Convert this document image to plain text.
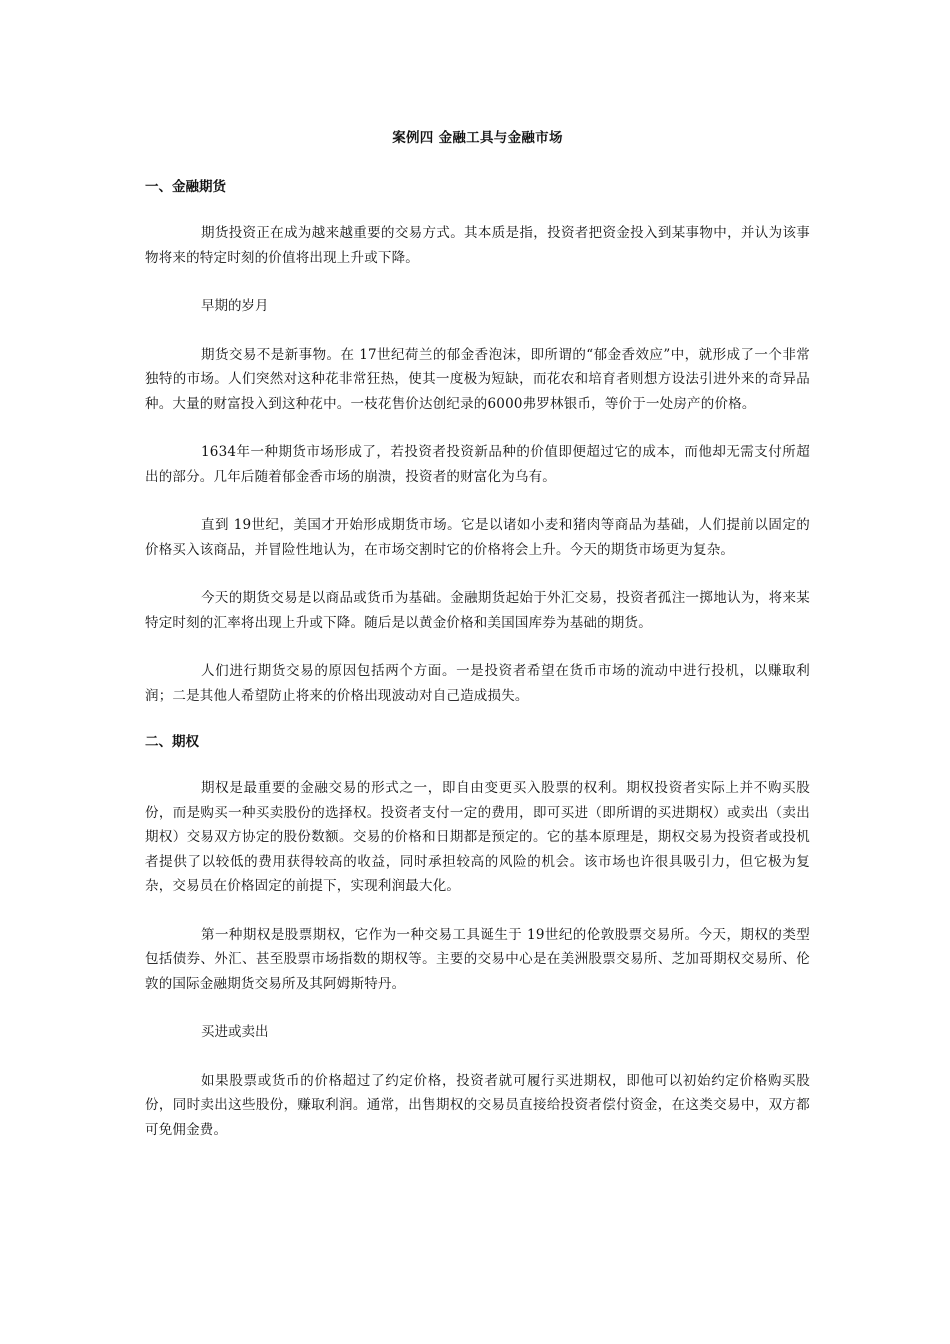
案例四 金融工具与金融市场
一、金融期货

期货投资正在成为越来越重要的交易方式。其本质是指，投资者把资金投入到某事物中，并认为该事物将来的特定时刻的价值将出现上升或下降。

早期的岁月

期货交易不是新事物。在 17世纪荷兰的郁金香泡沫，即所谓的“郁金香效应”中，就形成了一个非常独特的市场。人们突然对这种花非常狂热，使其一度极为短缺，而花农和培育者则想方设法引进外来的奇异品种。大量的财富投入到这种花中。一枝花售价达创纪录的6000弗罗林银币，等价于一处房产的价格。

1634年一种期货市场形成了，若投资者投资新品种的价值即便超过它的成本，而他却无需支付所超出的部分。几年后随着郁金香市场的崩溃，投资者的财富化为乌有。

直到 19世纪，美国才开始形成期货市场。它是以诸如小麦和猪肉等商品为基础，人们提前以固定的价格买入该商品，并冒险性地认为，在市场交割时它的价格将会上升。今天的期货市场更为复杂。

今天的期货交易是以商品或货币为基础。金融期货起始于外汇交易，投资者孤注一掷地认为，将来某特定时刻的汇率将出现上升或下降。随后是以黄金价格和美国国库券为基础的期货。

人们进行期货交易的原因包括两个方面。一是投资者希望在货币市场的流动中进行投机，以赚取利润；二是其他人希望防止将来的价格出现波动对自己造成损失。

二、期权

期权是最重要的金融交易的形式之一，即自由变更买入股票的权利。期权投资者实际上并不购买股份，而是购买一种买卖股份的选择权。投资者支付一定的费用，即可买进（即所谓的买进期权）或卖出（卖出期权）交易双方协定的股份数额。交易的价格和日期都是预定的。它的基本原理是，期权交易为投资者或投机者提供了以较低的费用获得较高的收益，同时承担较高的风险的机会。该市场也许很具吸引力，但它极为复杂，交易员在价格固定的前提下，实现利润最大化。

第一种期权是股票期权，它作为一种交易工具诞生于 19世纪的伦敦股票交易所。今天，期权的类型包括债券、外汇、甚至股票市场指数的期权等。主要的交易中心是在美洲股票交易所、芝加哥期权交易所、伦敦的国际金融期货交易所及其阿姆斯特丹。

买进或卖出

如果股票或货币的价格超过了约定价格，投资者就可履行买进期权，即他可以初始约定价格购买股份，同时卖出这些股份，赚取利润。通常，出售期权的交易员直接给投资者偿付资金，在这类交易中，双方都可免佣金费。
